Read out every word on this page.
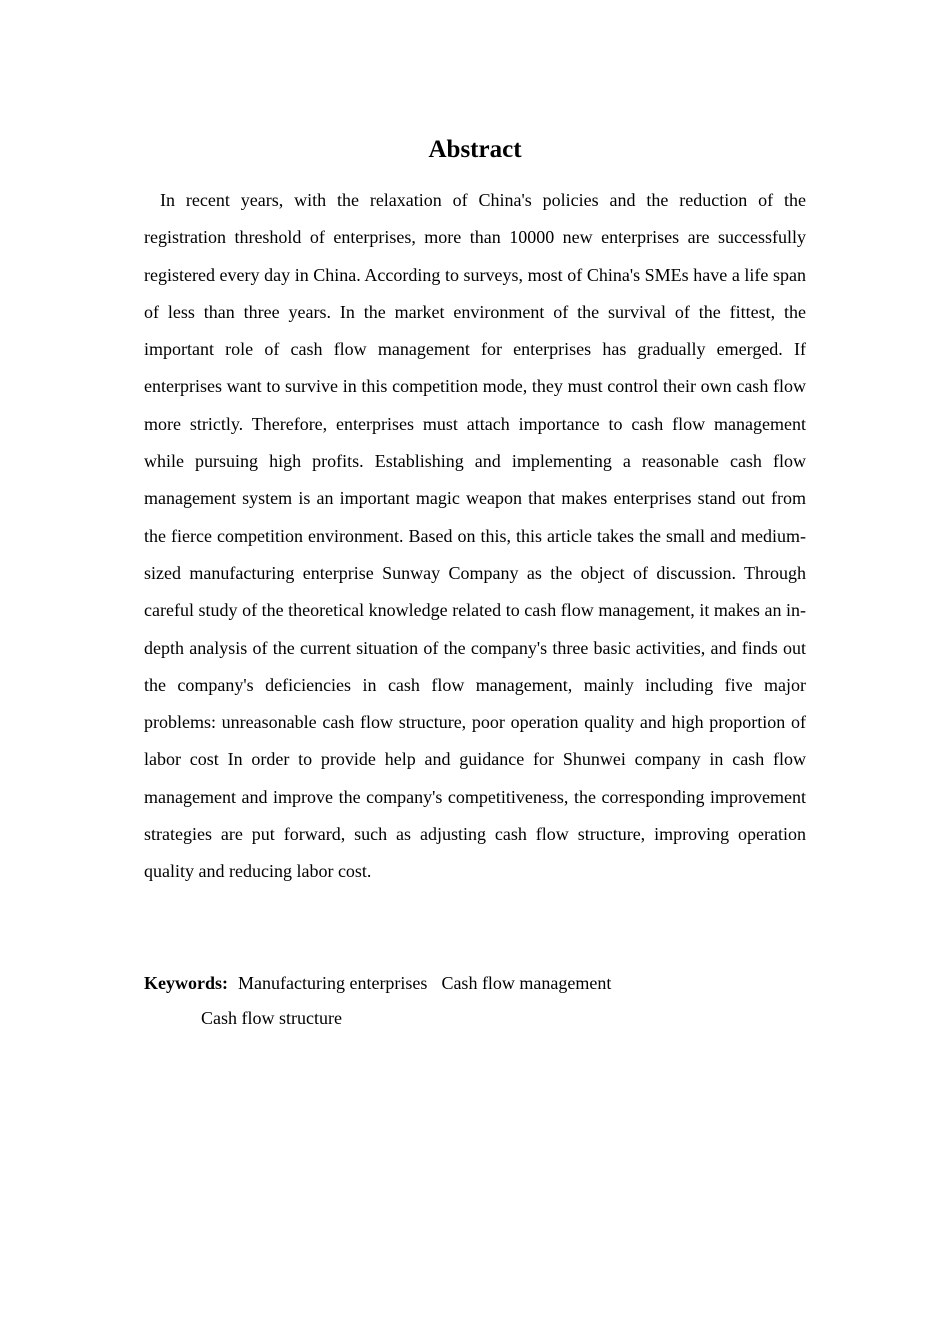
Abstract

In recent years, with the relaxation of China's policies and the reduction of the registration threshold of enterprises, more than 10000 new enterprises are successfully registered every day in China. According to surveys, most of China's SMEs have a life span of less than three years. In the market environment of the survival of the fittest, the important role of cash flow management for enterprises has gradually emerged. If enterprises want to survive in this competition mode, they must control their own cash flow more strictly. Therefore, enterprises must attach importance to cash flow management while pursuing high profits. Establishing and implementing a reasonable cash flow management system is an important magic weapon that makes enterprises stand out from the fierce competition environment. Based on this, this article takes the small and medium-sized manufacturing enterprise Sunway Company as the object of discussion. Through careful study of the theoretical knowledge related to cash flow management, it makes an in-depth analysis of the current situation of the company's three basic activities, and finds out the company's deficiencies in cash flow management, mainly including five major problems: unreasonable cash flow structure, poor operation quality and high proportion of labor cost In order to provide help and guidance for Shunwei company in cash flow management and improve the company's competitiveness, the corresponding improvement strategies are put forward, such as adjusting cash flow structure, improving operation quality and reducing labor cost.

Keywords: Manufacturing enterprises Cash flow management
Cash flow structure
